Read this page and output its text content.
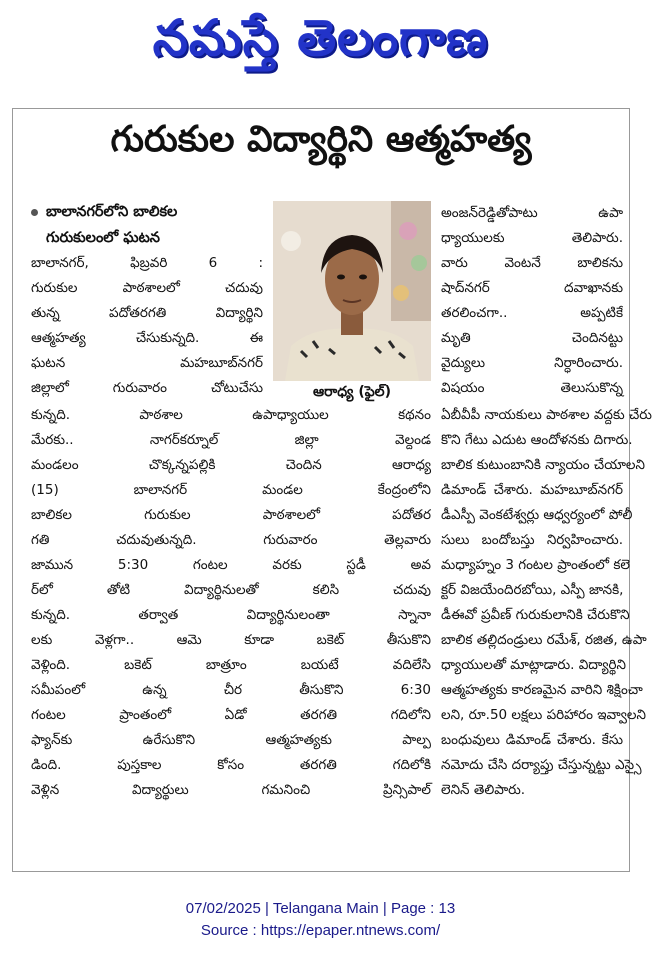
నమస్తే తెలంగాణ
గురుకుల విద్యార్థిని ఆత్మహత్య
బాలానగర్‌లోని బాలికల
గురుకులంలో ఘటన
ఆరాధ్య (ఫైల్)
బాలానగర్, ఫిబ్రవరి 6 :
గురుకుల పాఠశాలలో చదువు
తున్న పదోతరగతి విద్యార్థిని
ఆత్మహత్య చేసుకున్నది. ఈ
ఘటన మహబూబ్‌నగర్
జిల్లాలో గురువారం చోటుచేసు
కున్నది. పాఠశాల ఉపాధ్యాయుల కథనం
మేరకు.. నాగర్‌కర్నూల్ జిల్లా వెల్దండ
మండలం చొక్కన్నపల్లికి చెందిన ఆరాధ్య
(15) బాలానగర్ మండల కేంద్రంలోని
బాలికల గురుకుల పాఠశాలలో పదోతర
గతి చదువుతున్నది. గురువారం తెల్లవారు
జామున 5:30 గంటల వరకు స్టడీ అవ
ర్‌లో తోటి విద్యార్థినులతో కలిసి చదువు
కున్నది. తర్వాత విద్యార్థినులంతా స్నానా
లకు వెళ్లగా.. ఆమె కూడా బకెట్ తీసుకొని
వెళ్లింది. బకెట్ బాత్రూం బయటే వదిలేసి
సమీపంలో ఉన్న చీర తీసుకొని 6:30
గంటల ప్రాంతంలో ఏడో తరగతి గదిలోని
ఫ్యాన్‌కు ఉరేసుకొని ఆత్మహత్యకు పాల్ప
డింది. పుస్తకాల కోసం తరగతి గదిలోకి
వెళ్లిన విద్యార్థులు గమనించి ప్రిన్సిపాల్
అంజన్‌రెడ్డితోపాటు ఉపా
ధ్యాయులకు తెలిపారు.
వారు వెంటనే బాలికను
షాద్‌నగర్ దవాఖానకు
తరలించగా.. అప్పటికే
మృతి చెందినట్టు
వైద్యులు నిర్ధారించారు.
విషయం తెలుసుకొన్న
ఏబీవీపీ నాయకులు పాఠశాల వద్దకు చేరు
కొని గేటు ఎదుట ఆందోళనకు దిగారు.
బాలిక కుటుంబానికి న్యాయం చేయాలని
డిమాండ్ చేశారు. మహబూబ్‌నగర్
డీఎస్పీ వెంకటేశ్వర్లు ఆధ్వర్యంలో పోలీ
సులు బందోబస్తు నిర్వహించారు.
మధ్యాహ్నం 3 గంటల ప్రాంతంలో కలె
క్టర్ విజయేందిరబోయి, ఎస్పీ జానకి,
డీఈవో ప్రవీణ్ గురుకులానికి చేరుకొని
బాలిక తల్లిదండ్రులు రమేశ్, రజిత, ఉపా
ధ్యాయులతో మాట్లాడారు. విద్యార్థిని
ఆత్మహత్యకు కారణమైన వారిని శిక్షించా
లని, రూ.50 లక్షలు పరిహారం ఇవ్వాలని
బంధువులు డిమాండ్ చేశారు. కేసు
నమోదు చేసి దర్యాప్తు చేస్తున్నట్టు ఎస్సై
లెనిన్ తెలిపారు.
07/02/2025 | Telangana Main | Page : 13
Source : https://epaper.ntnews.com/
